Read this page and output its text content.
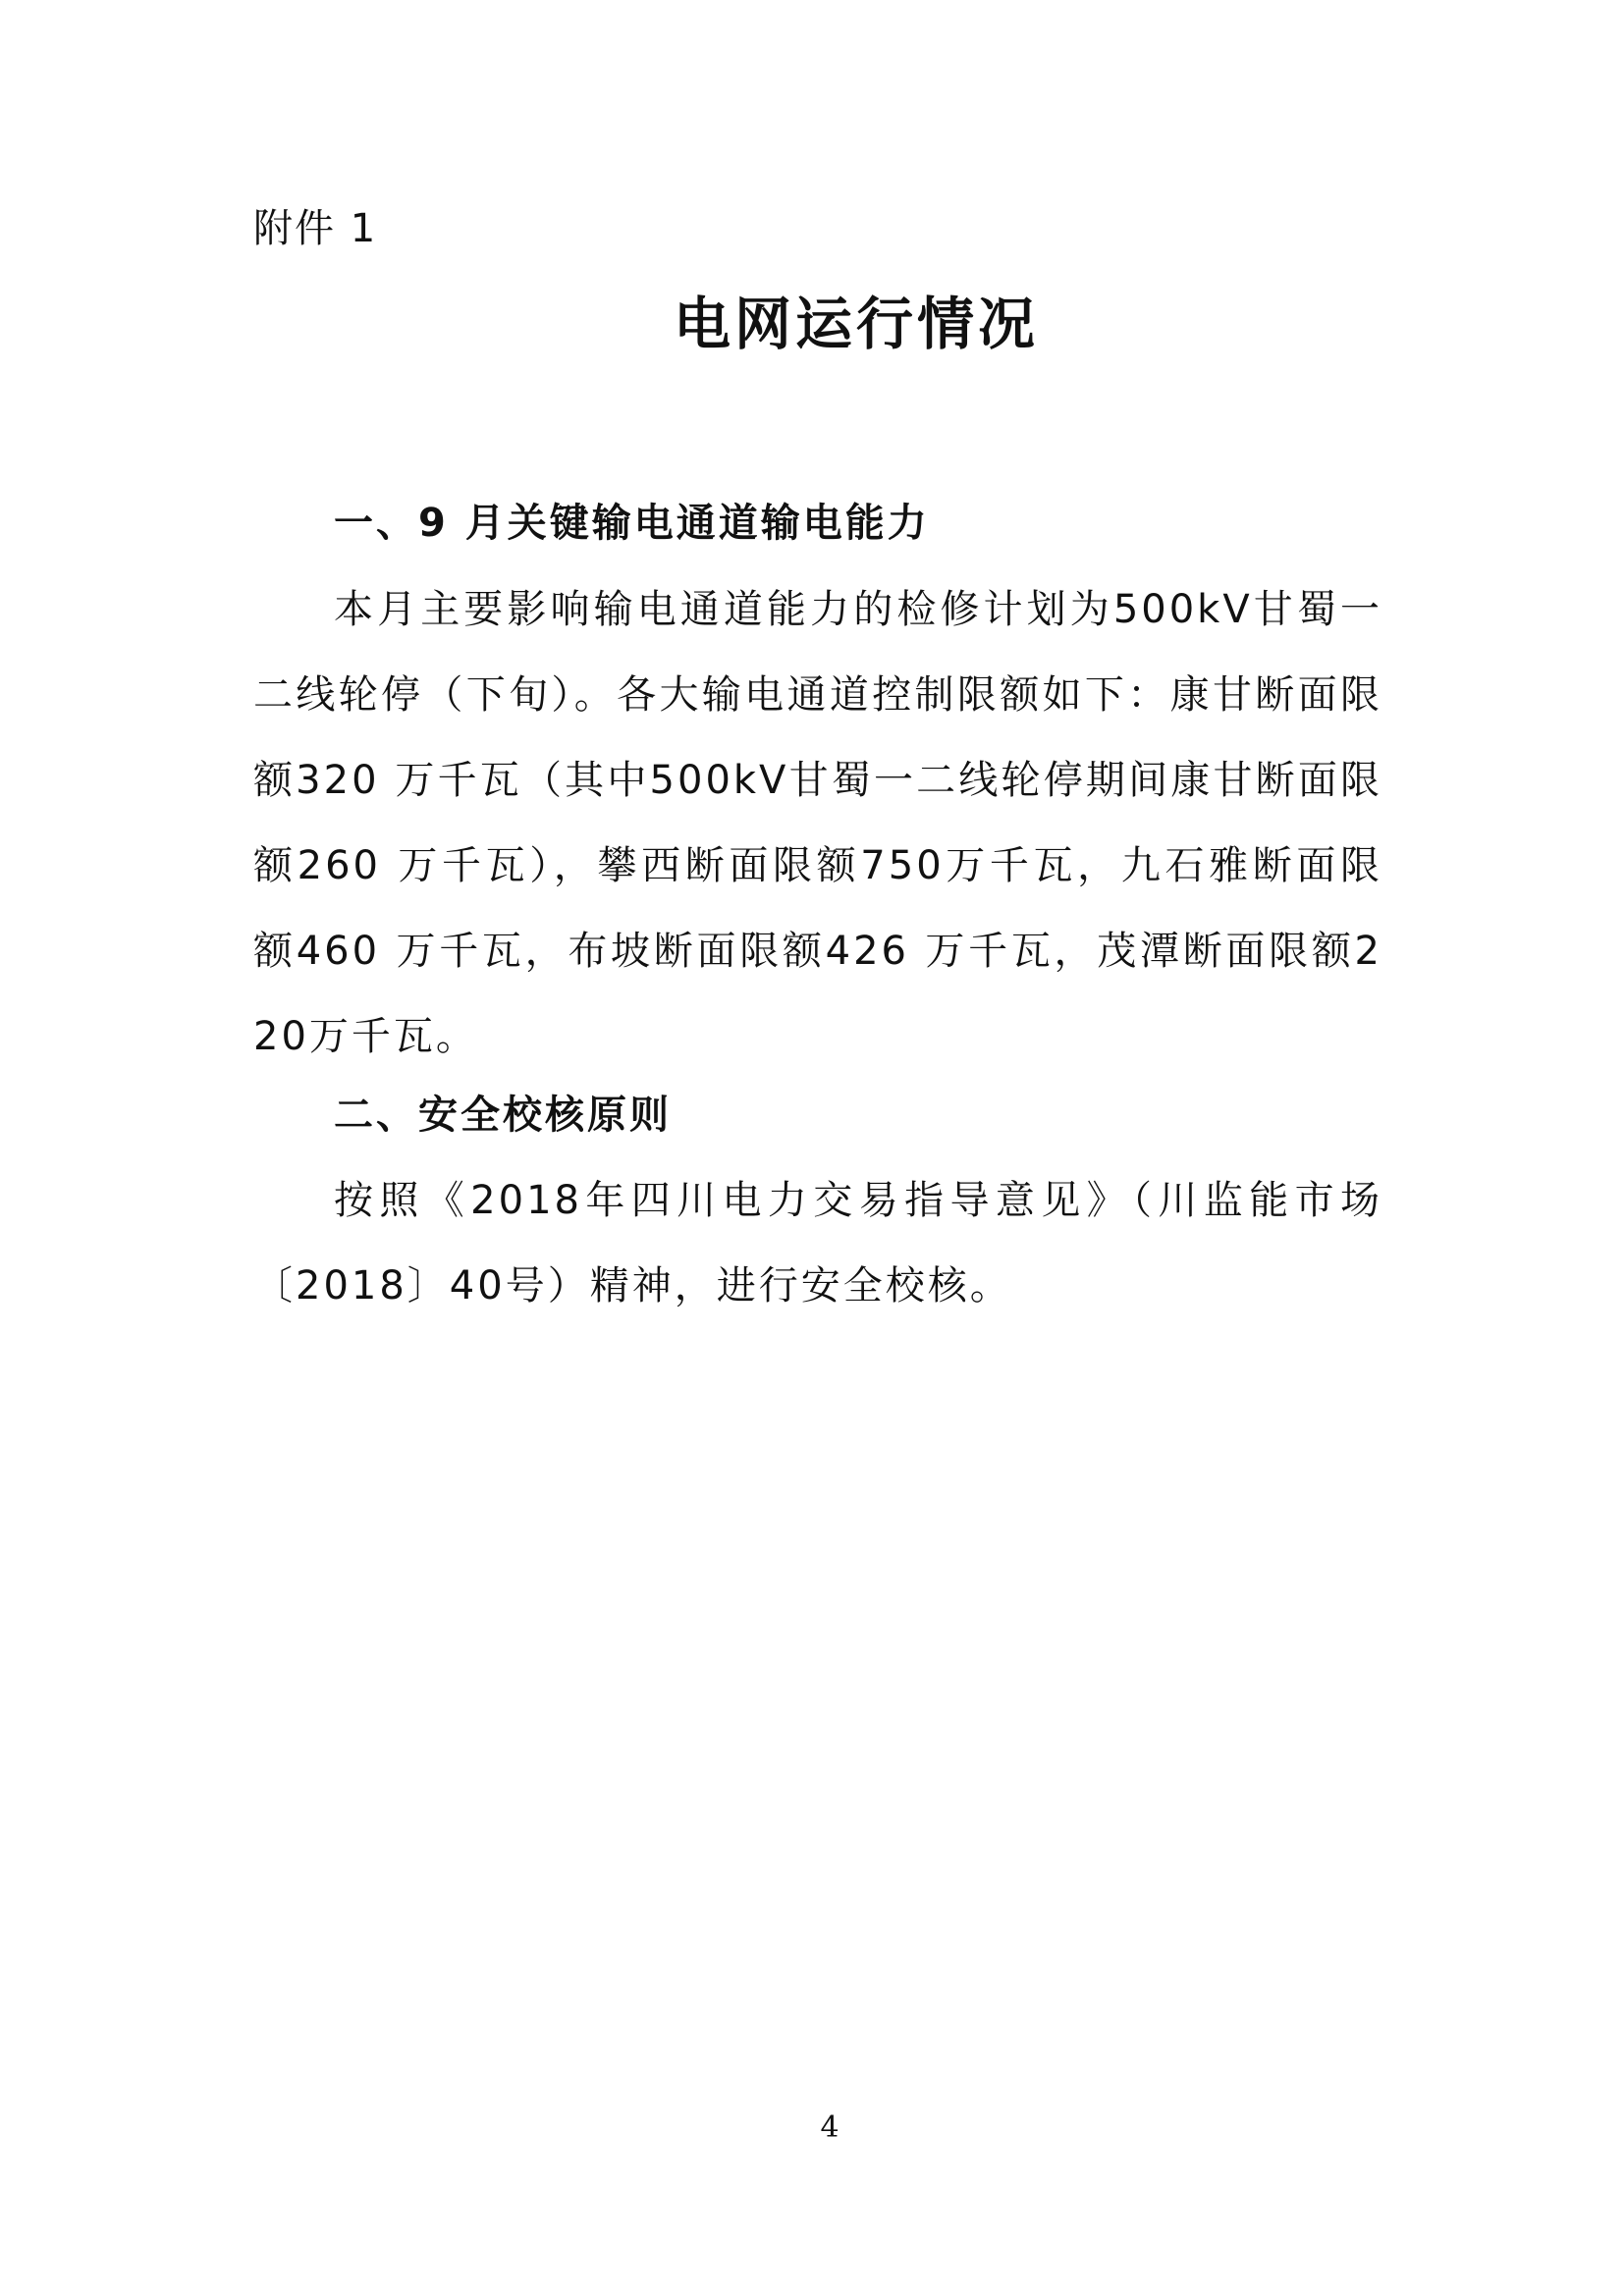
附件 1
电网运行情况
一、9 月关键输电通道输电能力
本月主要影响输电通道能力的检修计划为500kV甘蜀一二线轮停（下旬）。各大输电通道控制限额如下：康甘断面限额320 万千瓦（其中500kV甘蜀一二线轮停期间康甘断面限额260 万千瓦），攀西断面限额750万千瓦，九石雅断面限额460 万千瓦，布坡断面限额426 万千瓦，茂潭断面限额220万千瓦。
二、安全校核原则
按照《2018年四川电力交易指导意见》（川监能市场〔2018〕40号）精神，进行安全校核。
4
